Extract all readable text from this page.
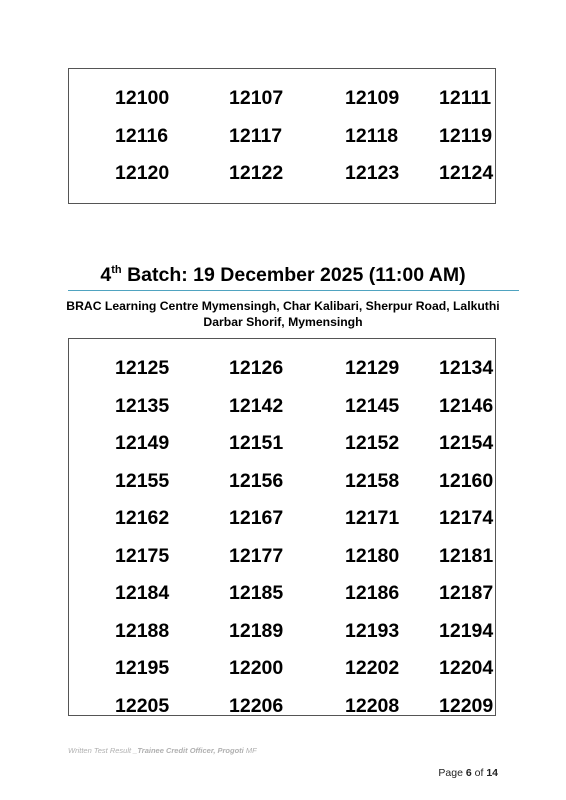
12100	12107	12109 12111
12116	12117	12118 12119
12120	12122	12123 12124
4th Batch: 19 December 2025 (11:00 AM)
BRAC Learning Centre Mymensingh, Char Kalibari, Sherpur Road, Lalkuthi Darbar Shorif, Mymensingh
12125	12126	12129 12134
12135	12142	12145 12146
12149	12151	12152 12154
12155	12156	12158 12160
12162	12167	12171 12174
12175	12177	12180 12181
12184	12185	12186 12187
12188	12189	12193 12194
12195	12200	12202 12204
12205	12206	12208 12209
Written Test Result _Trainee Credit Officer, Progoti MF
Page 6 of 14
